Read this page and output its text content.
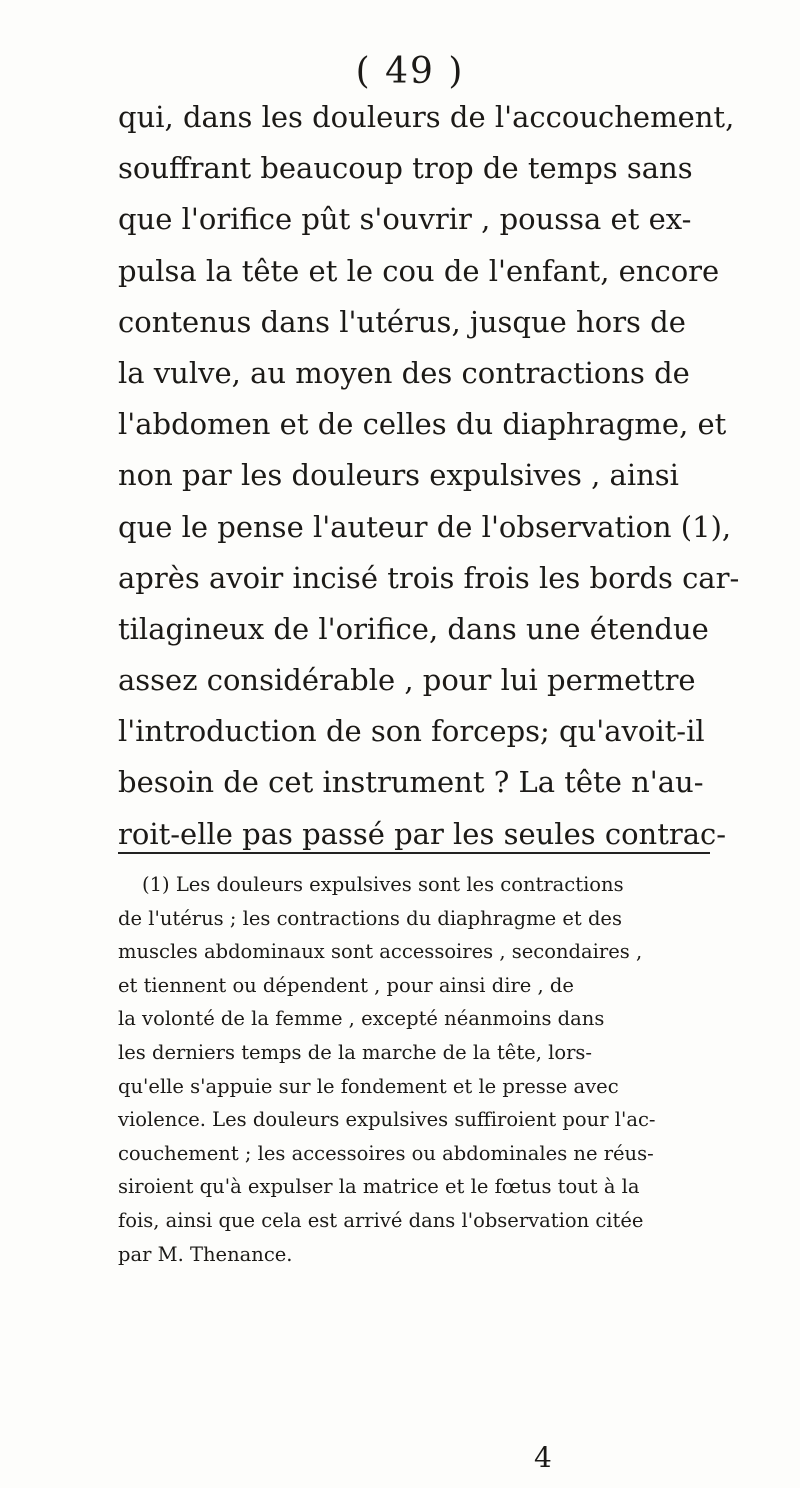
( 49 )
qui, dans les douleurs de l'accouchement,
souffrant beaucoup trop de temps sans
que l'orifice pût s'ouvrir , poussa et ex-
pulsa la tête et le cou de l'enfant, encore
contenus dans l'utérus, jusque hors de
la vulve, au moyen des contractions de
l'abdomen et de celles du diaphragme, et
non par les douleurs expulsives , ainsi
que le pense l'auteur de l'observation (1),
après avoir incisé trois frois les bords car-
tilagineux de l'orifice, dans une étendue
assez considérable , pour lui permettre
l'introduction de son forceps; qu'avoit-il
besoin de cet instrument ? La tête n'au-
roit-elle pas passé par les seules contrac-
(1) Les douleurs expulsives sont les contractions
de l'utérus ; les contractions du diaphragme et des
muscles abdominaux sont accessoires , secondaires ,
et tiennent ou dépendent , pour ainsi dire , de
la volonté de la femme , excepté néanmoins dans
les derniers temps de la marche de la tête, lors-
qu'elle s'appuie sur le fondement et le presse avec
violence. Les douleurs expulsives suffiroient pour l'ac-
couchement ; les accessoires ou abdominales ne réus-
siroient qu'à expulser la matrice et le fœtus tout à la
fois, ainsi que cela est arrivé dans l'observation citée
par M. Thenance.
4
